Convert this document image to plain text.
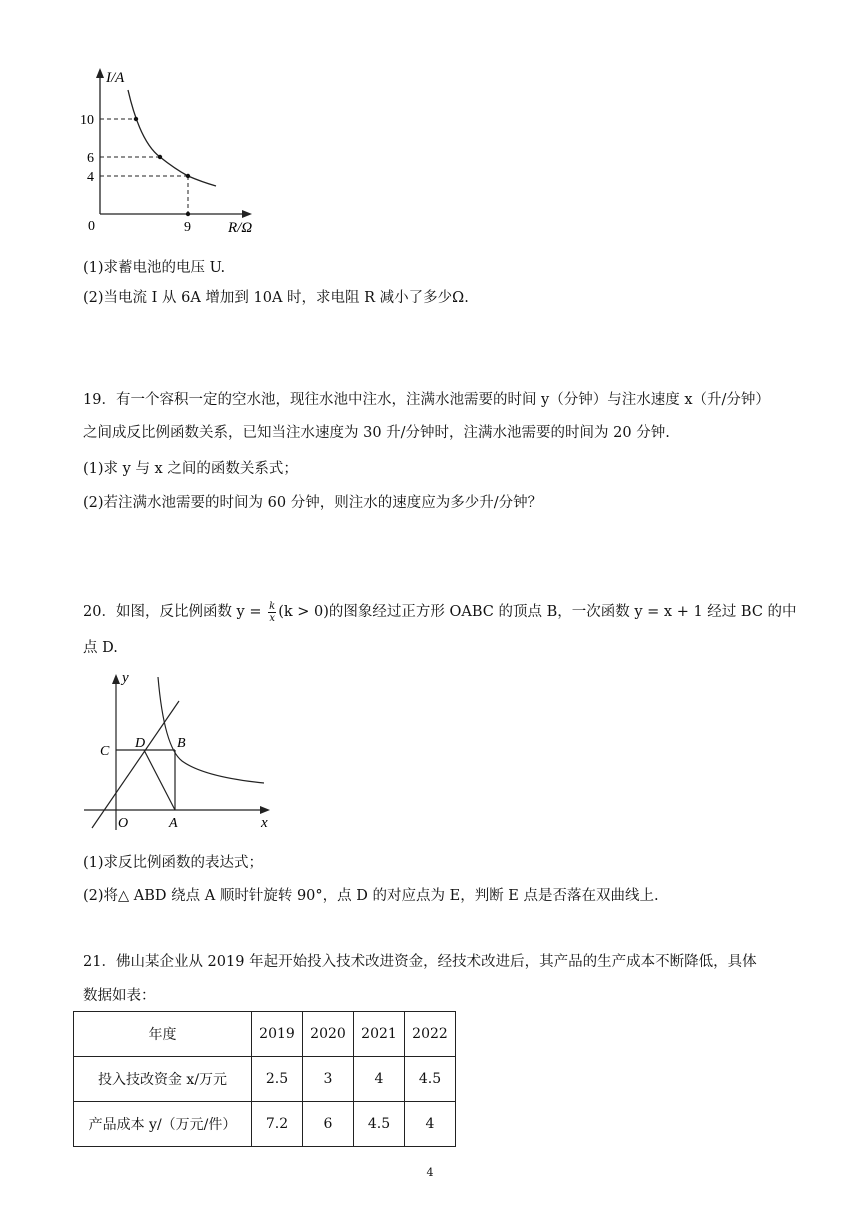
I/A
10
6
4
0	9 R/Ω
(1)求蓄电池的电压 U.
(2)当电流 I 从 6A 增加到 10A 时，求电阻 R 减小了多少Ω.
19．有一个容积一定的空水池，现往水池中注水，注满水池需要的时间 y（分钟）与注水速度 x（升/分钟）
之间成反比例函数关系，已知当注水速度为 30 升/分钟时，注满水池需要的时间为 20 分钟.
(1)求 y 与 x 之间的函数关系式；
(2)若注满水池需要的时间为 60 分钟，则注水的速度应为多少升/分钟？
20．如图，反比例函数 $y = \frac{k}{x} (k > 0)$的图象经过正方形 OABC 的顶点 B，一次函数 y = x + 1 经过 BC 的中
点 D.
y
C
D B
O	A	x
(1)求反比例函数的表达式；
(2)将△ ABD 绕点 A 顺时针旋转 90°，点 D 的对应点为 E，判断 E 点是否落在双曲线上.
21．佛山某企业从 2019 年起开始投入技术改进资金，经技术改进后，其产品的生产成本不断降低，具体
数据如表：
年度	2019	2020	2021	2022
投入技改资金 x/万元	2.5	3	4	4.5
产品成本 y/（万元/件）	7.2	6	4.5	4
4
